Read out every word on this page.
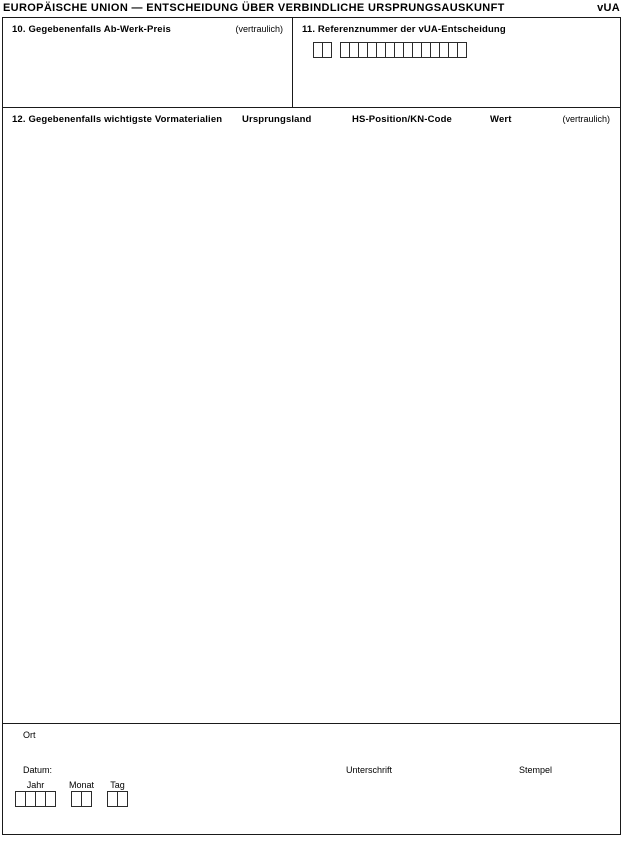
EUROPÄISCHE UNION — ENTSCHEIDUNG ÜBER VERBINDLICHE URSPRUNGSAUSKUNFT	vUA
10. Gegebenenfalls Ab-Werk-Preis	(vertraulich) 11. Referenznummer der vUA-Entscheidung
12. Gegebenenfalls wichtigste Vormaterialien Ursprungsland	HS-Position/KN-Code	Wert	(vertraulich)
Ort
Datum:	Unterschrift	Stempel
Jahr	Monat Tag
